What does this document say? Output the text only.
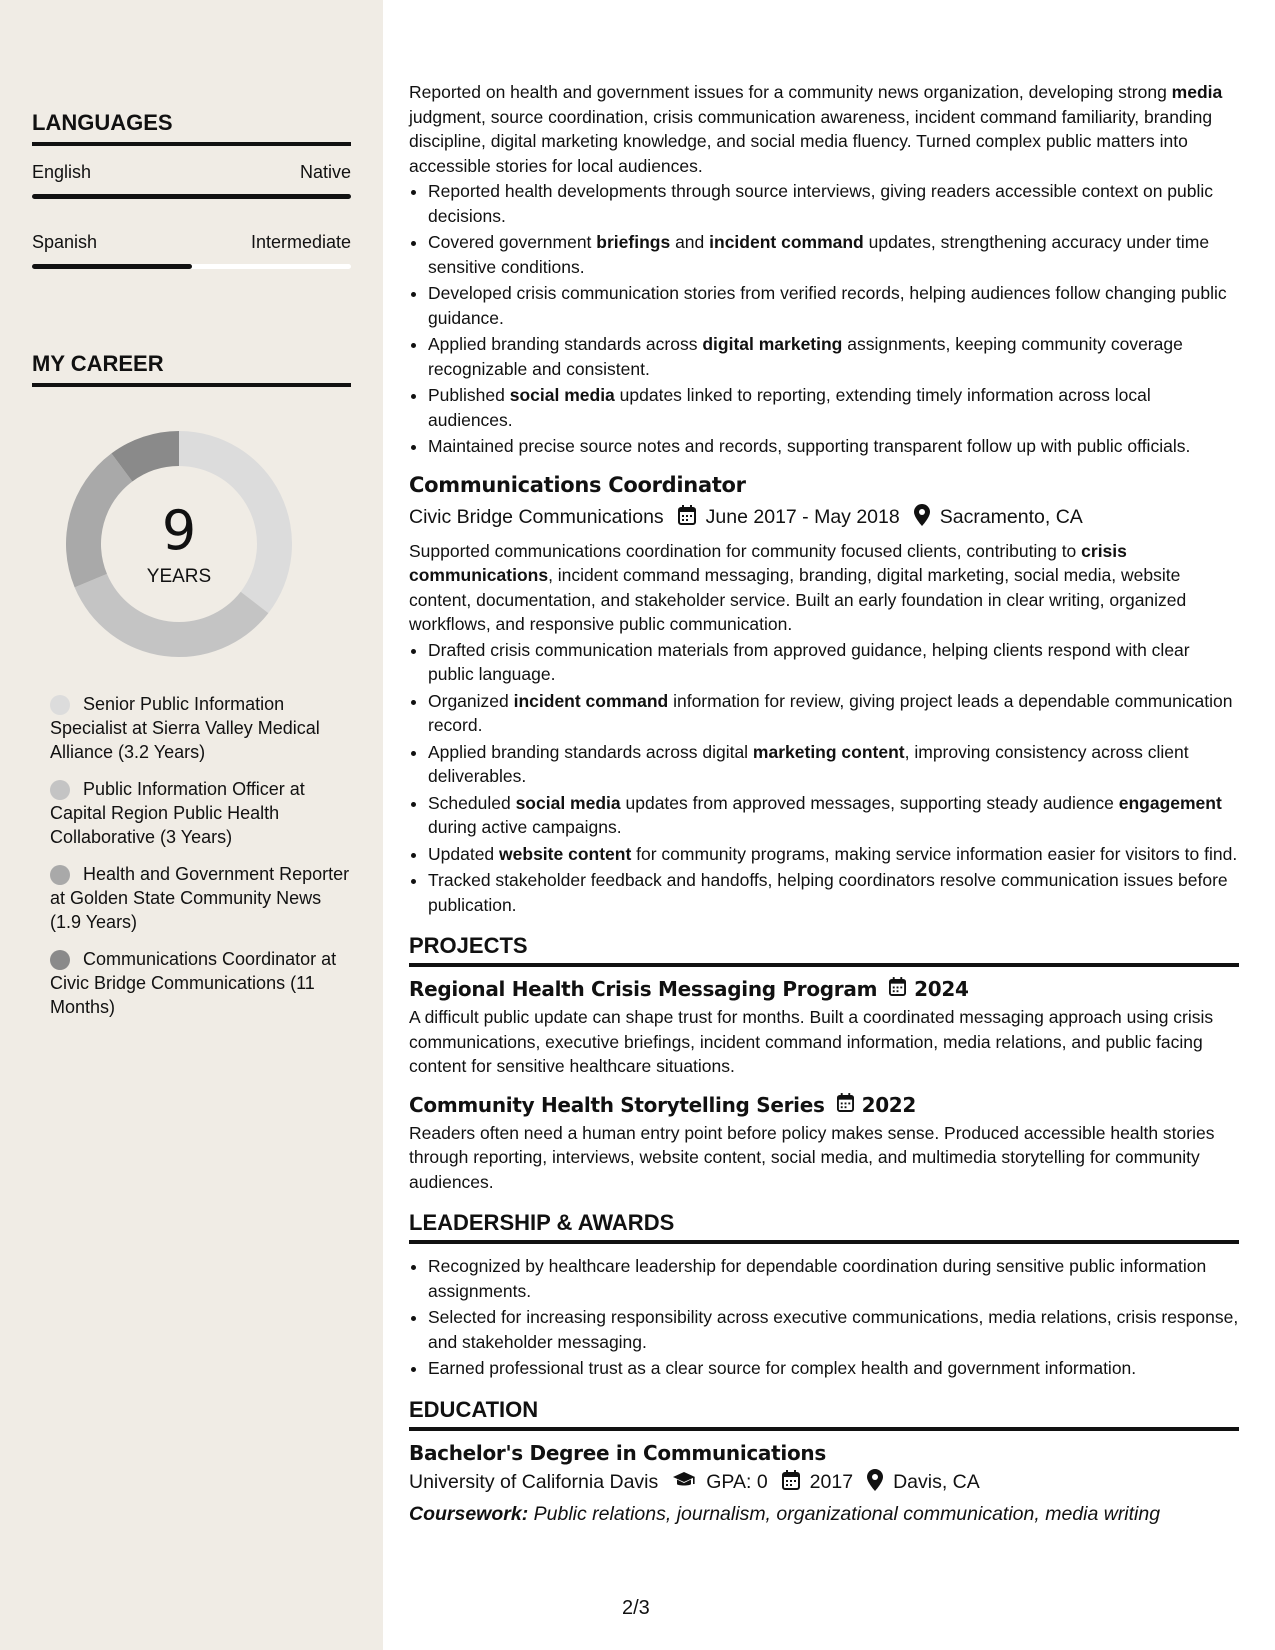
LANGUAGES
English	Native
Spanish	Intermediate
MY CAREER
9
YEARS
Senior Public Information Specialist at Sierra Valley Medical Alliance (3.2 Years)
Public Information Officer at Capital Region Public Health Collaborative (3 Years)
Health and Government Reporter at Golden State Community News (1.9 Years)
Communications Coordinator at Civic Bridge Communications (11 Months)

Reported on health and government issues for a community news organization, developing strong media judgment, source coordination, crisis communication awareness, incident command familiarity, branding discipline, digital marketing knowledge, and social media fluency. Turned complex public matters into accessible stories for local audiences.

• Reported health developments through source interviews, giving readers accessible context on public decisions.
• Covered government briefings and incident command updates, strengthening accuracy under time sensitive conditions.
• Developed crisis communication stories from verified records, helping audiences follow changing public guidance.
• Applied branding standards across digital marketing assignments, keeping community coverage recognizable and consistent.
• Published social media updates linked to reporting, extending timely information across local audiences.
• Maintained precise source notes and records, supporting transparent follow up with public officials.
Communications Coordinator
Civic Bridge Communications June 2017 - May 2018 Sacramento, CA

Supported communications coordination for community focused clients, contributing to crisis communications, incident command messaging, branding, digital marketing, social media, website content, documentation, and stakeholder service. Built an early foundation in clear writing, organized workflows, and responsive public communication.

• Drafted crisis communication materials from approved guidance, helping clients respond with clear public language.
• Organized incident command information for review, giving project leads a dependable communication record.
• Applied branding standards across digital marketing content, improving consistency across client deliverables.
• Scheduled social media updates from approved messages, supporting steady audience engagement during active campaigns.
• Updated website content for community programs, making service information easier for visitors to find.
• Tracked stakeholder feedback and handoffs, helping coordinators resolve communication issues before publication.
PROJECTS
Regional Health Crisis Messaging Program 2024

A difficult public update can shape trust for months. Built a coordinated messaging approach using crisis communications, executive briefings, incident command information, media relations, and public facing content for sensitive healthcare situations.

Community Health Storytelling Series 2022

Readers often need a human entry point before policy makes sense. Produced accessible health stories through reporting, interviews, website content, social media, and multimedia storytelling for community audiences.

LEADERSHIP & AWARDS
• Recognized by healthcare leadership for dependable coordination during sensitive public information assignments.
• Selected for increasing responsibility across executive communications, media relations, crisis response, and stakeholder messaging.
• Earned professional trust as a clear source for complex health and government information.
EDUCATION
Bachelor's Degree in Communications
University of California Davis GPA: 0 2017 Davis, CA
Coursework: Public relations, journalism, organizational communication, media writing
2/3
